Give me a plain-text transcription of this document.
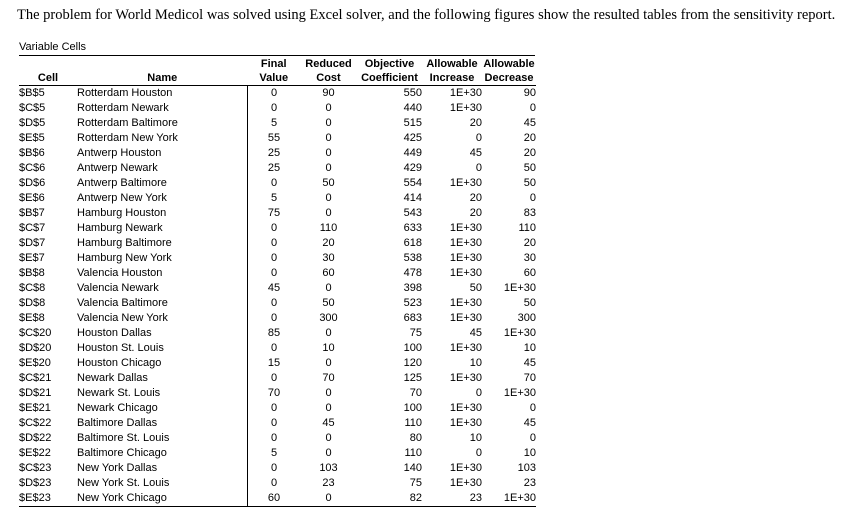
The problem for World Medicol was solved using Excel solver, and the following figures show the resulted tables from the sensitivity report.
Variable Cells
		Final	Reduced	Objective	Allowable	Allowable
Cell	Name	Value	Cost	Coefficient	Increase	Decrease
$B$5	Rotterdam Houston	0	90	550	1E+30	90
$C$5	Rotterdam Newark	0	0	440	1E+30	0
$D$5	Rotterdam Baltimore	5	0	515	20	45
$E$5	Rotterdam New York	55	0	425	0	20
$B$6	Antwerp Houston	25	0	449	45	20
$C$6	Antwerp Newark	25	0	429	0	50
$D$6	Antwerp Baltimore	0	50	554	1E+30	50
$E$6	Antwerp New York	5	0	414	20	0
$B$7	Hamburg Houston	75	0	543	20	83
$C$7	Hamburg Newark	0	110	633	1E+30	110
$D$7	Hamburg Baltimore	0	20	618	1E+30	20
$E$7	Hamburg New York	0	30	538	1E+30	30
$B$8	Valencia Houston	0	60	478	1E+30	60
$C$8	Valencia Newark	45	0	398	50	1E+30
$D$8	Valencia Baltimore	0	50	523	1E+30	50
$E$8	Valencia New York	0	300	683	1E+30	300
$C$20	Houston Dallas	85	0	75	45	1E+30
$D$20	Houston St. Louis	0	10	100	1E+30	10
$E$20	Houston Chicago	15	0	120	10	45
$C$21	Newark Dallas	0	70	125	1E+30	70
$D$21	Newark St. Louis	70	0	70	0	1E+30
$E$21	Newark Chicago	0	0	100	1E+30	0
$C$22	Baltimore Dallas	0	45	110	1E+30	45
$D$22	Baltimore St. Louis	0	0	80	10	0
$E$22	Baltimore Chicago	5	0	110	0	10
$C$23	New York Dallas	0	103	140	1E+30	103
$D$23	New York St. Louis	0	23	75	1E+30	23
$E$23	New York Chicago	60	0	82	23	1E+30
